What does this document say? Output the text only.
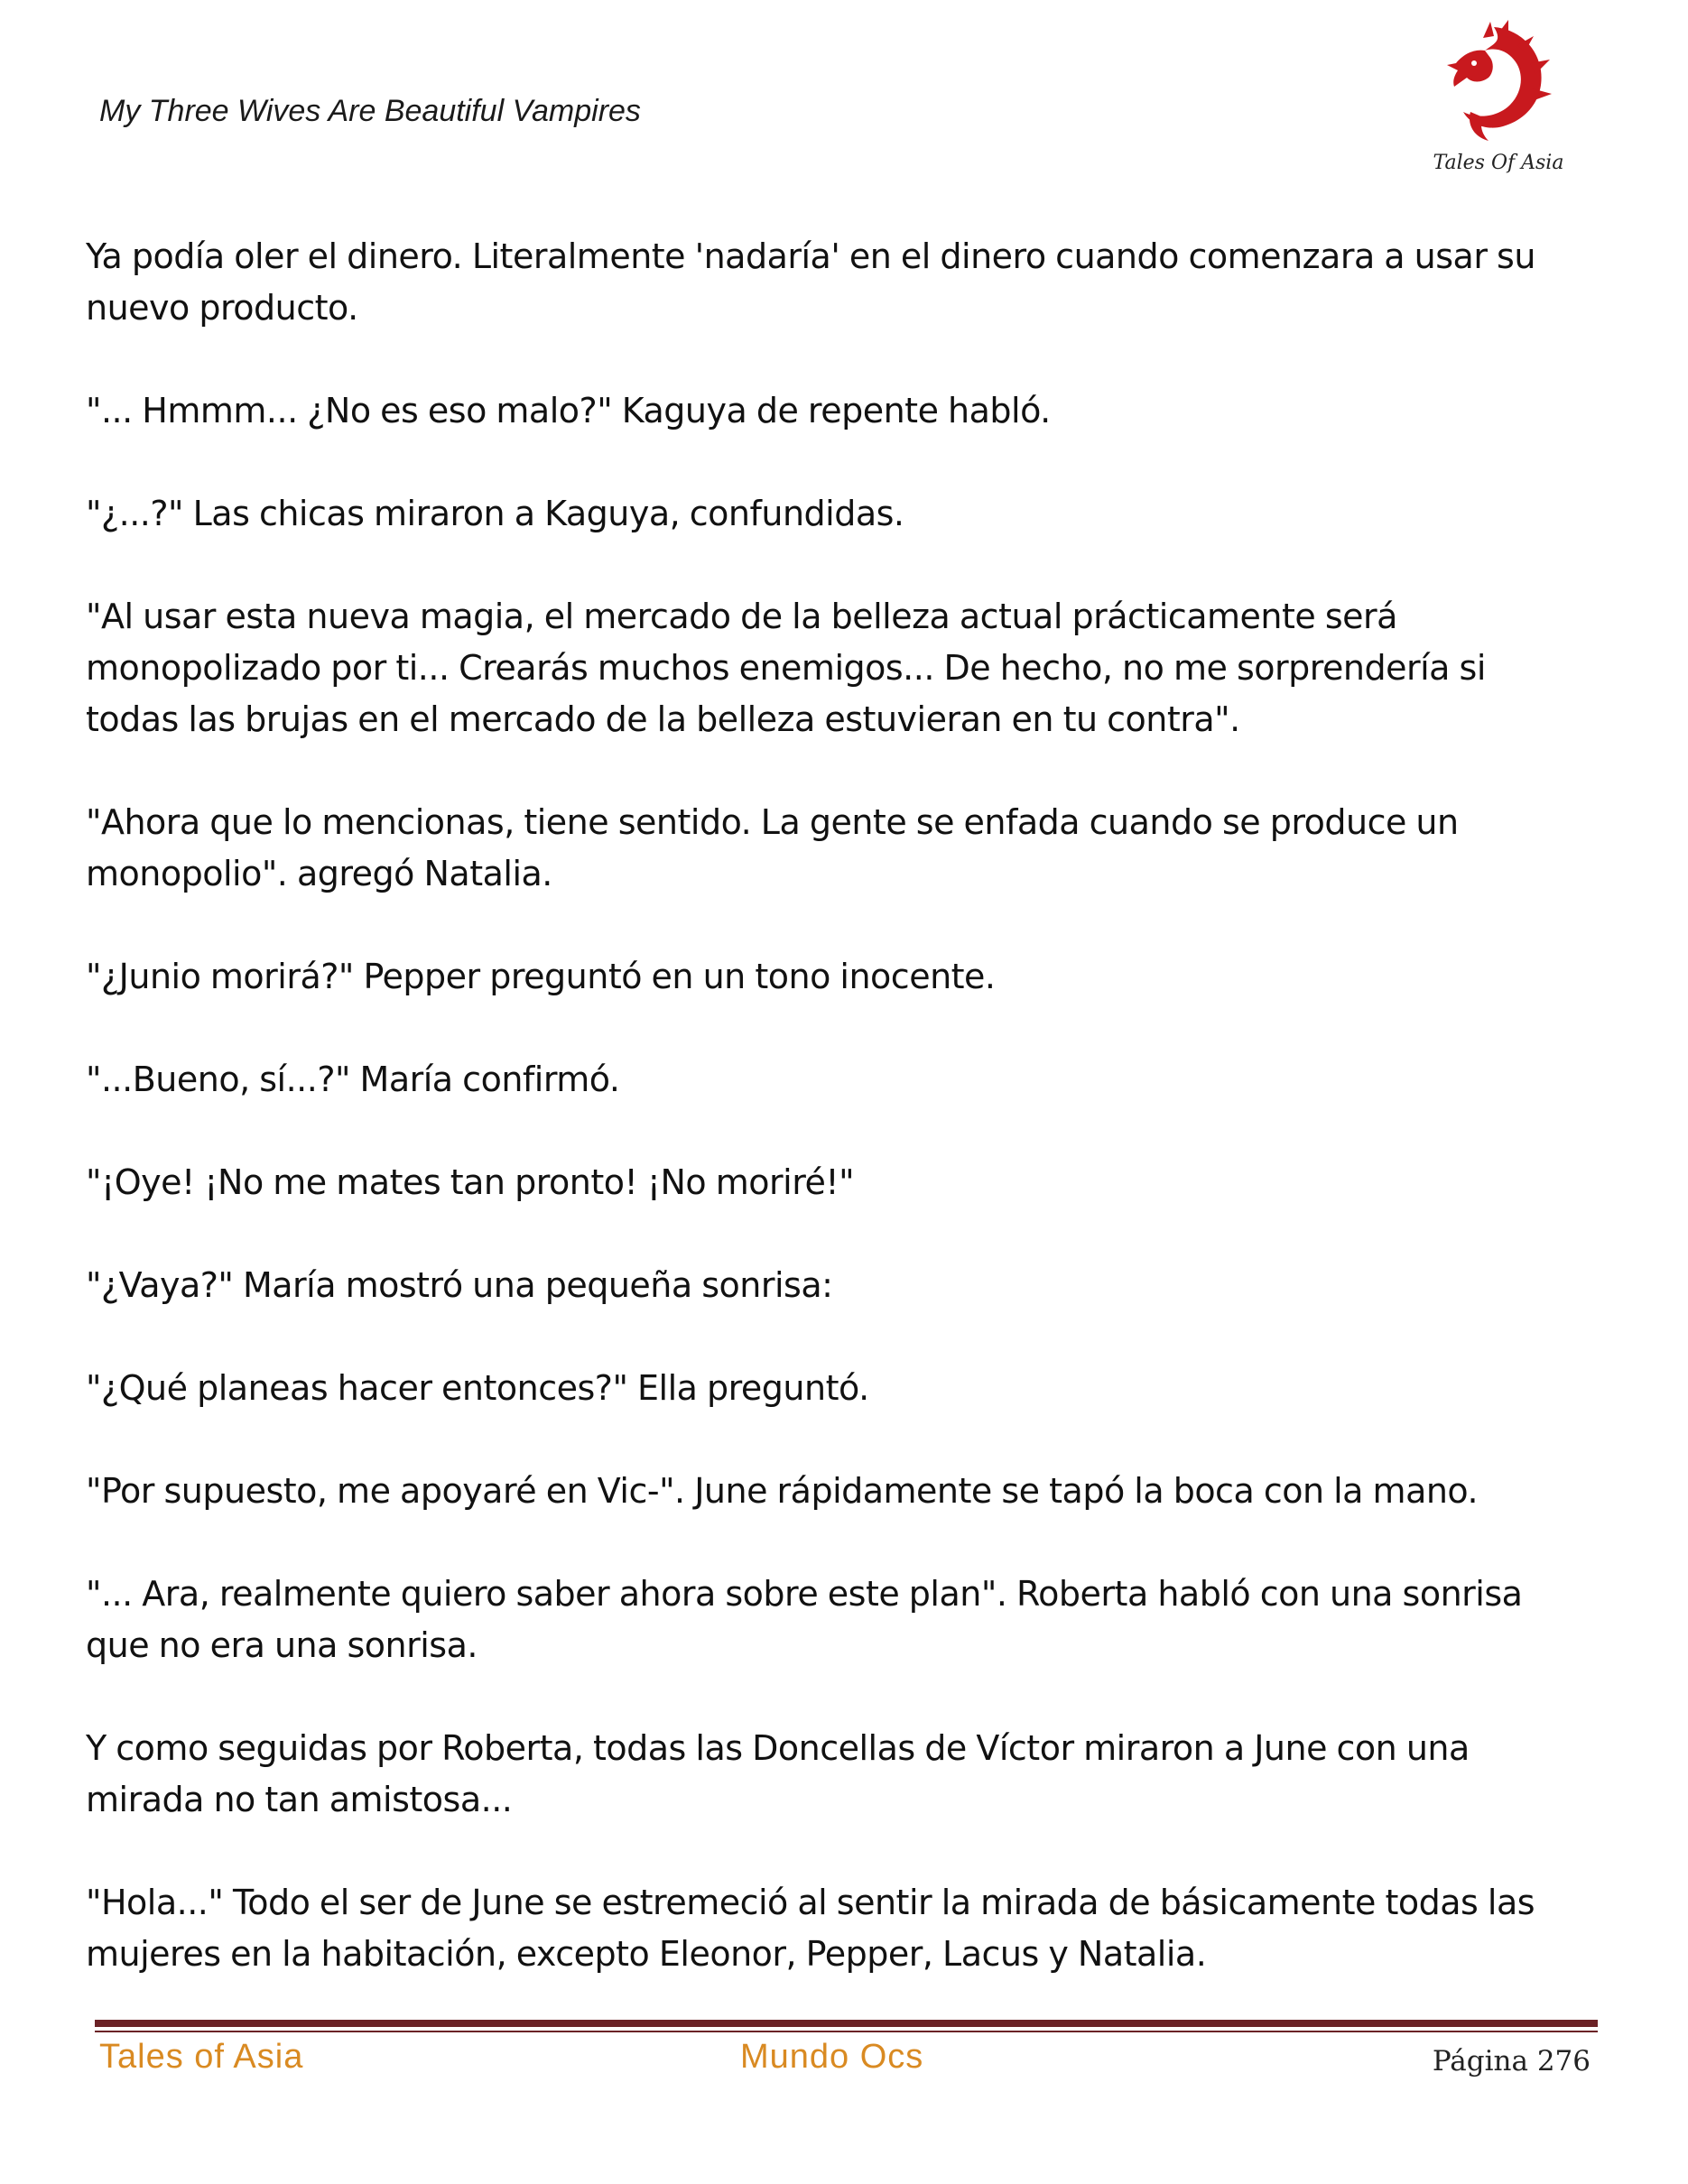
My Three Wives Are Beautiful Vampires
Tales Of Asia

Ya podía oler el dinero. Literalmente 'nadaría' en el dinero cuando comenzara a usar su nuevo producto.

"... Hmmm... ¿No es eso malo?" Kaguya de repente habló.

"¿...?" Las chicas miraron a Kaguya, confundidas.

"Al usar esta nueva magia, el mercado de la belleza actual prácticamente será monopolizado por ti... Crearás muchos enemigos... De hecho, no me sorprendería si todas las brujas en el mercado de la belleza estuvieran en tu contra".

"Ahora que lo mencionas, tiene sentido. La gente se enfada cuando se produce un monopolio". agregó Natalia.

"¿Junio morirá?" Pepper preguntó en un tono inocente.

"...Bueno, sí...?" María confirmó.

"¡Oye! ¡No me mates tan pronto! ¡No moriré!"

"¿Vaya?" María mostró una pequeña sonrisa:

"¿Qué planeas hacer entonces?" Ella preguntó.

"Por supuesto, me apoyaré en Vic-". June rápidamente se tapó la boca con la mano.

"... Ara, realmente quiero saber ahora sobre este plan". Roberta habló con una sonrisa que no era una sonrisa.

Y como seguidas por Roberta, todas las Doncellas de Víctor miraron a June con una mirada no tan amistosa...

"Hola..." Todo el ser de June se estremeció al sentir la mirada de básicamente todas las mujeres en la habitación, excepto Eleonor, Pepper, Lacus y Natalia.

Tales of Asia	Mundo Ocs	Página 276
